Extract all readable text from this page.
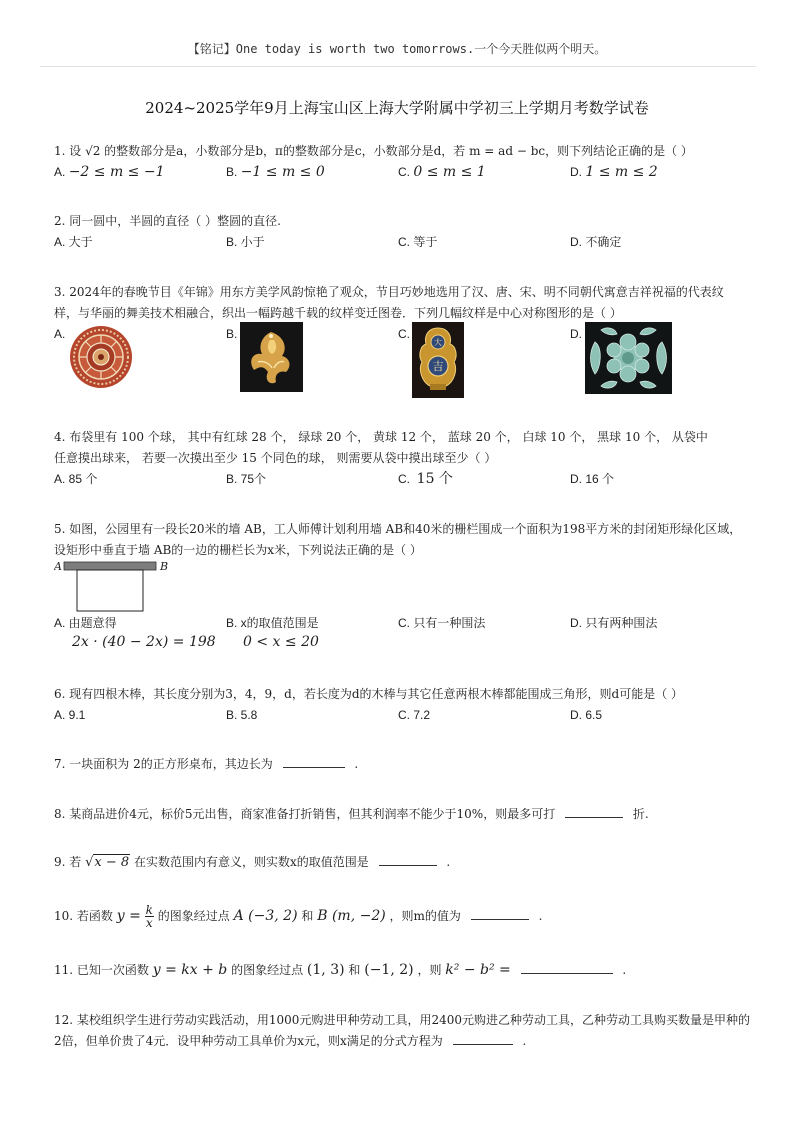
【铭记】One today is worth two tomorrows.一个今天胜似两个明天。
2024~2025学年9月上海宝山区上海大学附属中学初三上学期月考数学试卷
1. 设 √2 的整数部分是a，小数部分是b，π的整数部分是c，小数部分是d，若 m = ad − bc，则下列结论正确的是（ ）
A. −2 ≤ m ≤ −1	B. −1 ≤ m ≤ 0	C. 0 ≤ m ≤ 1	D. 1 ≤ m ≤ 2
2. 同一圆中，半圆的直径（ ）整圆的直径.
A. 大于	B. 小于	C. 等于	D. 不确定
3. 2024年的春晚节目《年锦》用东方美学风韵惊艳了观众，节目巧妙地选用了汉、唐、宋、明不同朝代寓意吉祥祝福的代表纹
样，与华丽的舞美技术相融合，织出一幅跨越千载的纹样变迁图卷．下列几幅纹样是中心对称图形的是（ ）
A.	B.	C.	D.
大
吉
4. 布袋里有 100 个球， 其中有红球 28 个， 绿球 20 个， 黄球 12 个， 蓝球 20 个， 白球 10 个， 黑球 10 个， 从袋中
任意摸出球来， 若要一次摸出至少 15 个同色的球， 则需要从袋中摸出球至少（ ）
A. 85 个	B. 75个	C. 15 个	D. 16 个
5. 如图，公园里有一段长20米的墙 AB，工人师傅计划利用墙 AB和40米的栅栏围成一个面积为198平方米的封闭矩形绿化区域，
设矩形中垂直于墙 AB的一边的栅栏长为x米，下列说法正确的是（ ）
A	B
A. 由题意得	B. x的取值范围是	C. 只有一种围法	D. 只有两种围法
2x · (40 − 2x) = 198 0 < x ≤ 20
6. 现有四根木棒，其长度分别为3，4，9，d，若长度为d的木棒与其它任意两根木棒都能围成三角形，则d可能是（ ）
A. 9.1	B. 5.8	C. 7.2	D. 6.5
7. 一块面积为 2的正方形桌布，其边长为	.
8. 某商品进价4元，标价5元出售，商家准备打折销售，但其利润率不能少于10%，则最多可打	折.
9. 若 √x − 8 在实数范围内有意义，则实数x的取值范围是	.
10. 若函数 $y = \frac{k}{x}$ 的图象经过点 A (−3, 2) 和 B (m, −2) ，则m的值为	.
11. 已知一次函数 y = kx + b 的图象经过点 (1, 3) 和 (−1, 2) ，则 k² − b² =	.
12. 某校组织学生进行劳动实践活动，用1000元购进甲种劳动工具，用2400元购进乙种劳动工具，乙种劳动工具购买数量是甲种的
2倍，但单价贵了4元．设甲种劳动工具单价为x元，则x满足的分式方程为	.
